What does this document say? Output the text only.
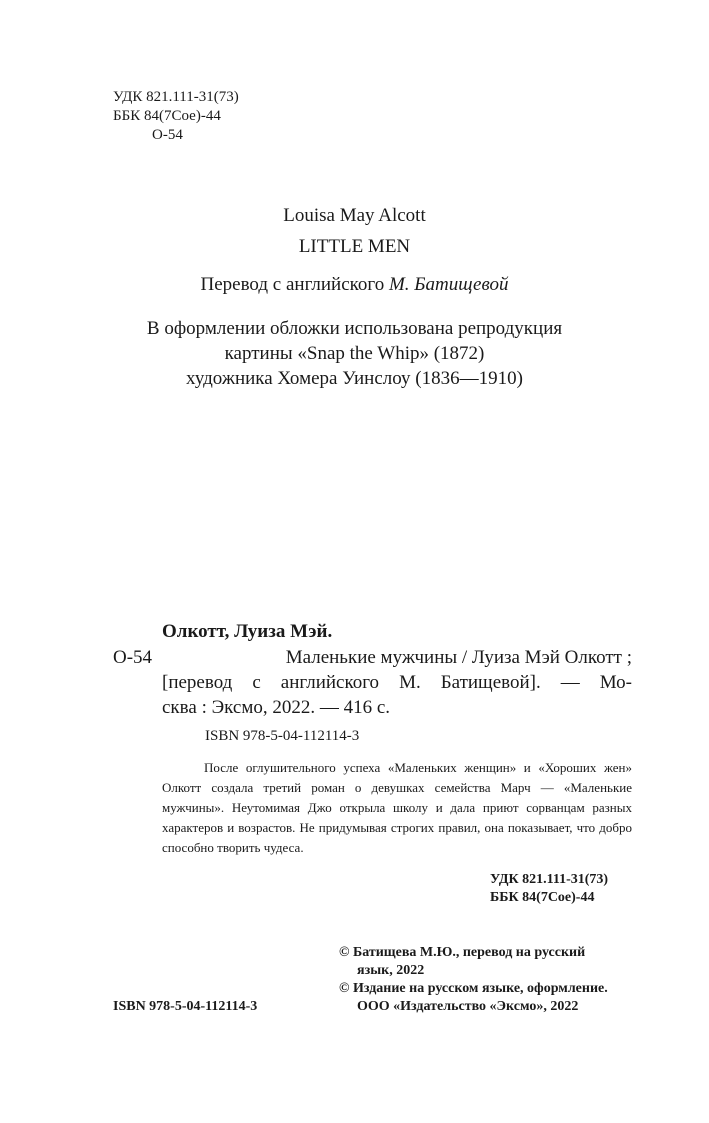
УДК 821.111-31(73)
ББК 84(7Сое)-44
О-54
Louisa May Alcott
LITTLE MEN
Перевод с английского М. Батищевой
В оформлении обложки использована репродукция
картины «Snap the Whip» (1872)
художника Хомера Уинслоу (1836—1910)
Олкотт, Луиза Мэй.
О-54	Маленькие мужчины / Луиза Мэй Олкотт ;
[перевод с английского М. Батищевой]. — Мо-
сква : Эксмо, 2022. — 416 с.
ISBN 978-5-04-112114-3

После оглушительного успеха «Маленьких женщин» и «Хороших жен» Олкотт создала третий роман о девушках семейства Марч — «Маленькие мужчины». Неутомимая Джо открыла школу и дала приют сорванцам разных характеров и возрастов. Не придумывая строгих правил, она показывает, что добро способно творить чудеса.

УДК 821.111-31(73)
ББК 84(7Сое)-44
© Батищева М.Ю., перевод на русский
язык, 2022
© Издание на русском языке, оформление.
ООО «Издательство «Эксмо», 2022
ISBN 978-5-04-112114-3
